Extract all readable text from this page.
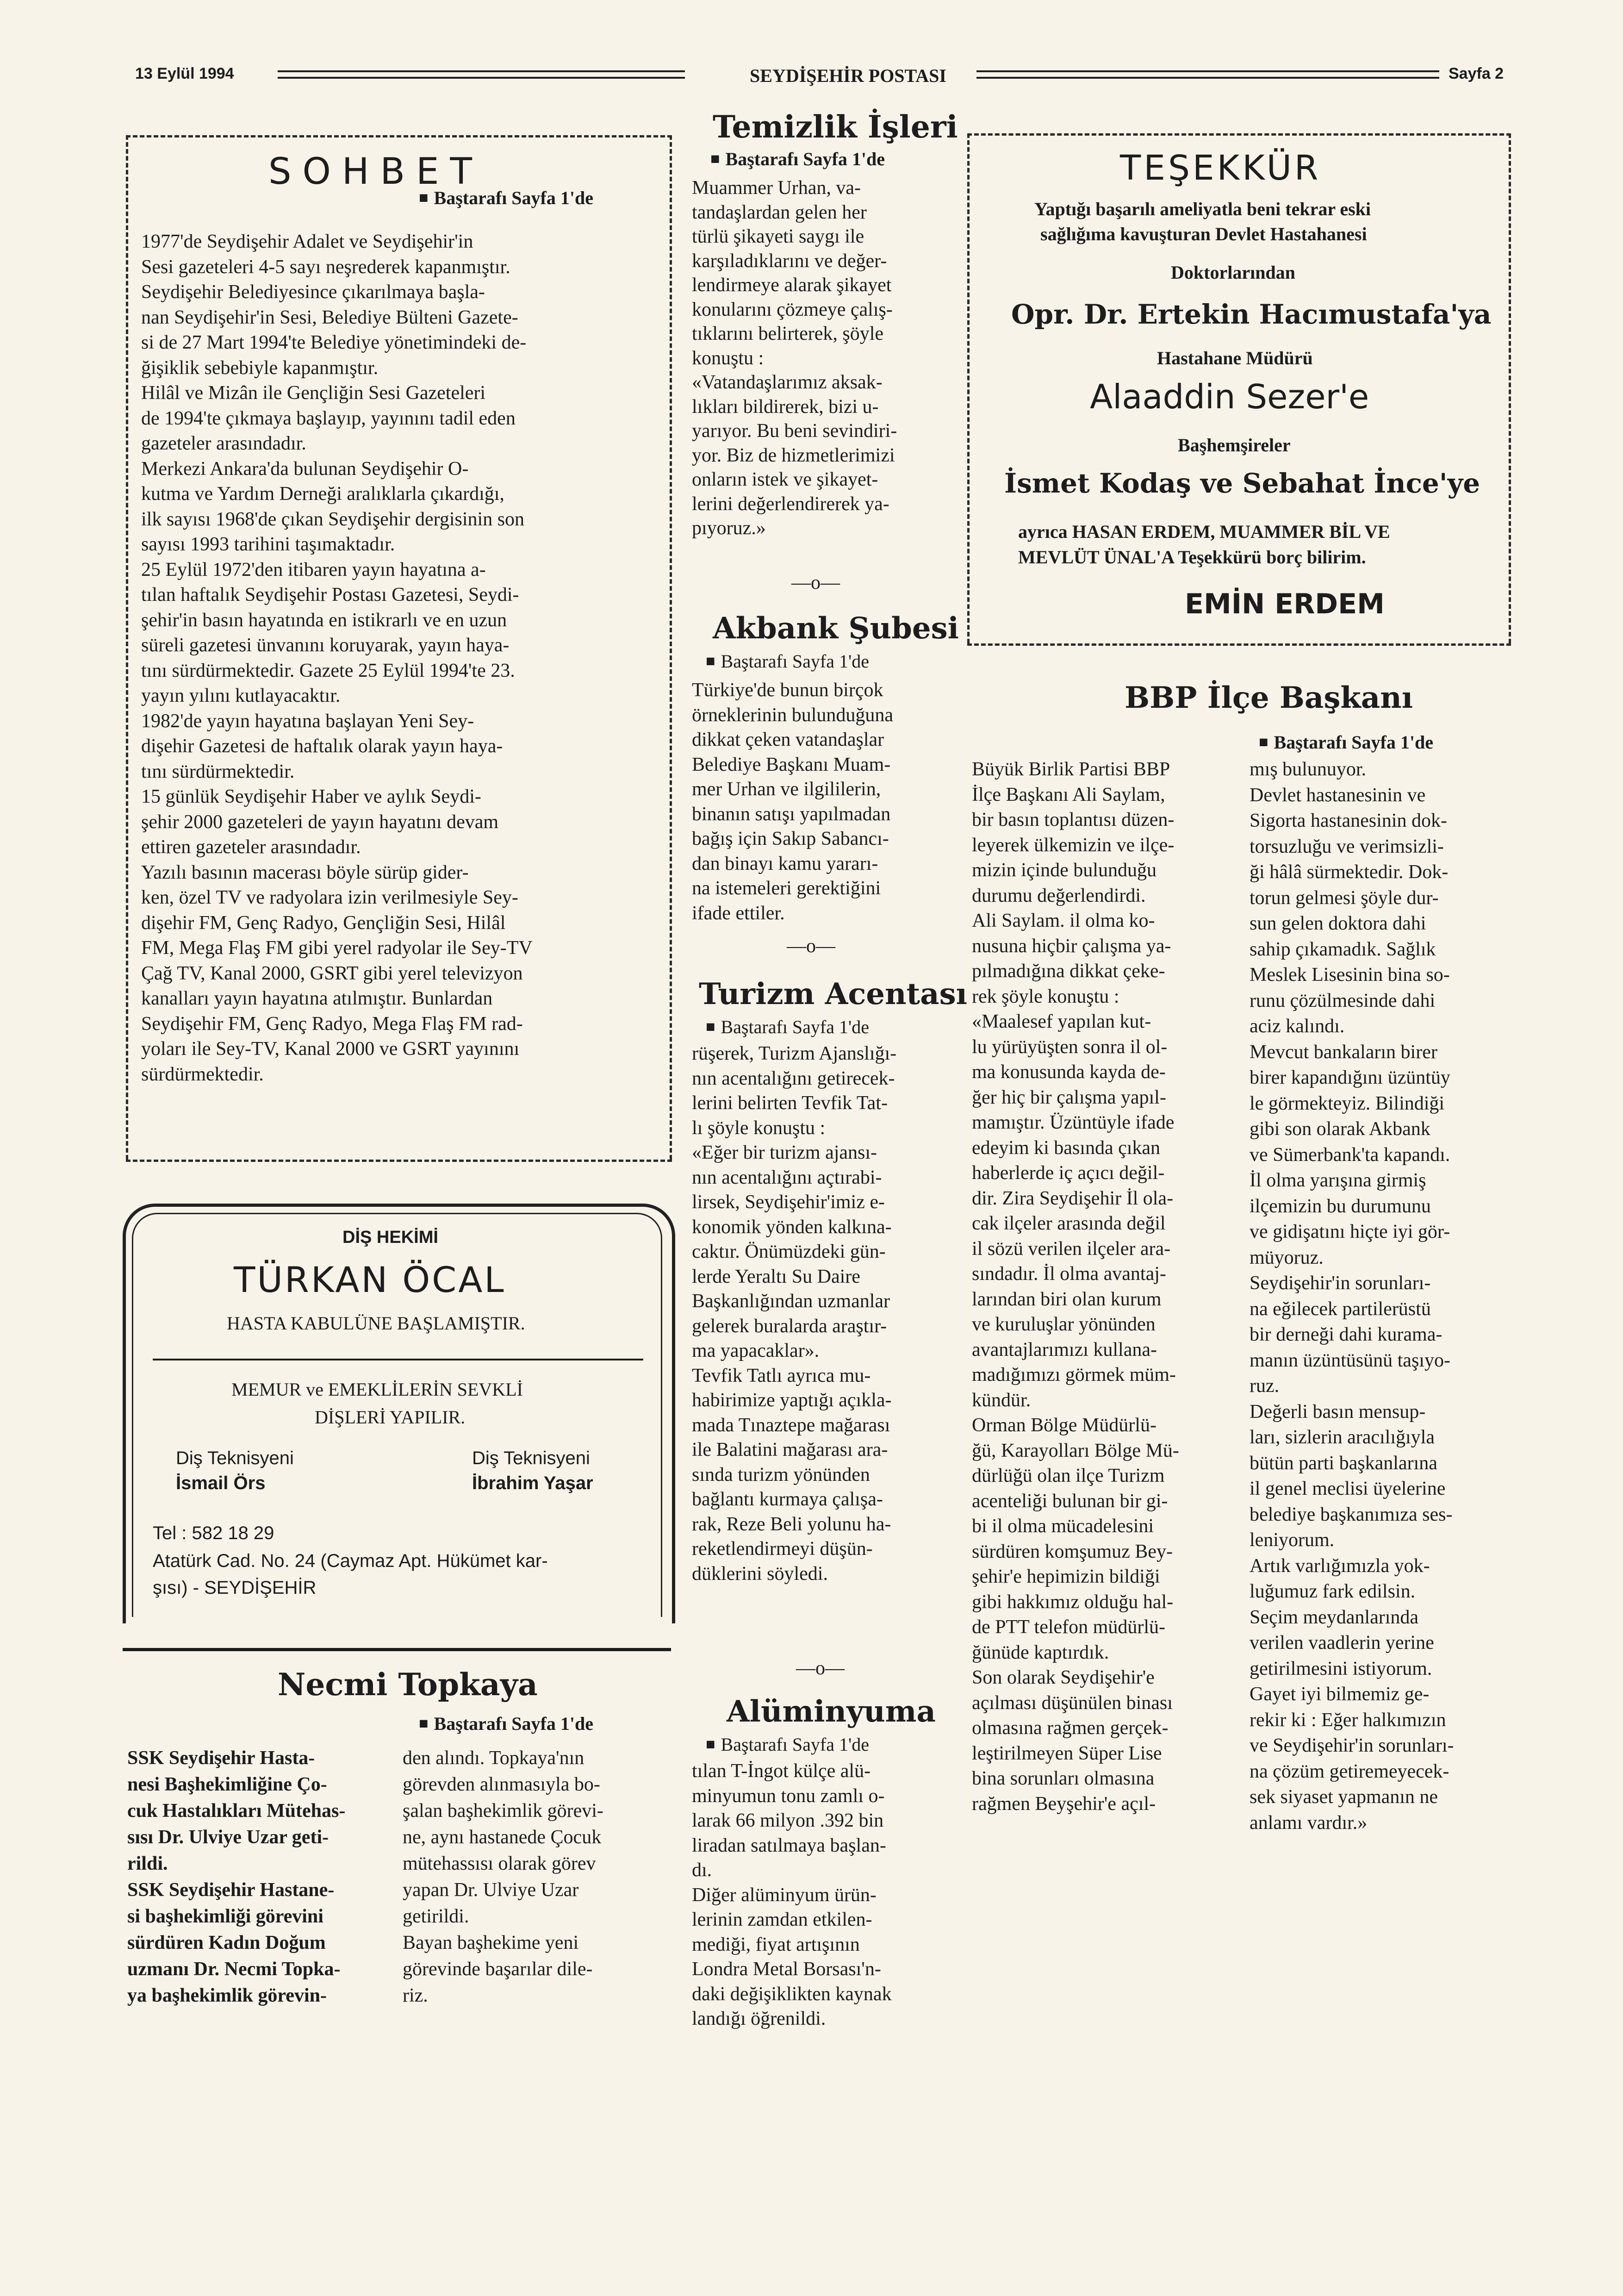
13 Eylül 1994	SEYDİŞEHİR POSTASI	Sayfa 2
SOHBET
■ Baştarafı Sayfa 1'de
1977'de Seydişehir Adalet ve Seydişehir'in
Sesi gazeteleri 4-5 sayı neşrederek kapanmıştır.
Seydişehir Belediyesince çıkarılmaya başla-
nan Seydişehir'in Sesi, Belediye Bülteni Gazete-
si de 27 Mart 1994'te Belediye yönetimindeki de-
ğişiklik sebebiyle kapanmıştır.
Hilâl ve Mizân ile Gençliğin Sesi Gazeteleri
de 1994'te çıkmaya başlayıp, yayınını tadil eden
gazeteler arasındadır.
Merkezi Ankara'da bulunan Seydişehir O-
kutma ve Yardım Derneği aralıklarla çıkardığı,
ilk sayısı 1968'de çıkan Seydişehir dergisinin son
sayısı 1993 tarihini taşımaktadır.
25 Eylül 1972'den itibaren yayın hayatına a-
tılan haftalık Seydişehir Postası Gazetesi, Seydi-
şehir'in basın hayatında en istikrarlı ve en uzun
süreli gazetesi ünvanını koruyarak, yayın haya-
tını sürdürmektedir. Gazete 25 Eylül 1994'te 23.
yayın yılını kutlayacaktır.
1982'de yayın hayatına başlayan Yeni Sey-
dişehir Gazetesi de haftalık olarak yayın haya-
tını sürdürmektedir.
15 günlük Seydişehir Haber ve aylık Seydi-
şehir 2000 gazeteleri de yayın hayatını devam
ettiren gazeteler arasındadır.
Yazılı basının macerası böyle sürüp gider-
ken, özel TV ve radyolara izin verilmesiyle Sey-
dişehir FM, Genç Radyo, Gençliğin Sesi, Hilâl
FM, Mega Flaş FM gibi yerel radyolar ile Sey-TV
Çağ TV, Kanal 2000, GSRT gibi yerel televizyon
kanalları yayın hayatına atılmıştır. Bunlardan
Seydişehir FM, Genç Radyo, Mega Flaş FM rad-
yoları ile Sey-TV, Kanal 2000 ve GSRT yayınını
sürdürmektedir.
DİŞ HEKİMİ
TÜRKAN ÖCAL
HASTA KABULÜNE BAŞLAMIŞTIR.
MEMUR ve EMEKLİLERİN SEVKLİ
DİŞLERİ YAPILIR.
Diş Teknisyeni
İsmail Örs
Diş Teknisyeni
İbrahim Yaşar
Tel : 582 18 29
Atatürk Cad. No. 24 (Caymaz Apt. Hükümet kar-
şısı) - SEYDİŞEHİR
Necmi Topkaya
■ Baştarafı Sayfa 1'de
SSK Seydişehir Hasta-
nesi Başhekimliğine Ço-
cuk Hastalıkları Mütehas-
sısı Dr. Ulviye Uzar geti-
rildi.
SSK Seydişehir Hastane-
si başhekimliği görevini
sürdüren Kadın Doğum
uzmanı Dr. Necmi Topka-
ya başhekimlik görevin-
den alındı. Topkaya'nın
görevden alınmasıyla bo-
şalan başhekimlik görevi-
ne, aynı hastanede Çocuk
mütehassısı olarak görev
yapan Dr. Ulviye Uzar
getirildi.
Bayan başhekime yeni
görevinde başarılar dile-
riz.
Temizlik İşleri
■ Baştarafı Sayfa 1'de
Muammer Urhan, va-
tandaşlardan gelen her
türlü şikayeti saygı ile
karşıladıklarını ve değer-
lendirmeye alarak şikayet
konularını çözmeye çalış-
tıklarını belirterek, şöyle
konuştu :
«Vatandaşlarımız aksak-
lıkları bildirerek, bizi u-
yarıyor. Bu beni sevindiri-
yor. Biz de hizmetlerimizi
onların istek ve şikayet-
lerini değerlendirerek ya-
pıyoruz.»
—o—
Akbank Şubesi
■ Baştarafı Sayfa 1'de
Türkiye'de bunun birçok
örneklerinin bulunduğuna
dikkat çeken vatandaşlar
Belediye Başkanı Muam-
mer Urhan ve ilgililerin,
binanın satışı yapılmadan
bağış için Sakıp Sabancı-
dan binayı kamu yararı-
na istemeleri gerektiğini
ifade ettiler.
—o—
Turizm Acentası
■ Baştarafı Sayfa 1'de
rüşerek, Turizm Ajanslığı-
nın acentalığını getirecek-
lerini belirten Tevfik Tat-
lı şöyle konuştu :
«Eğer bir turizm ajansı-
nın acentalığını açtırabi-
lirsek, Seydişehir'imiz e-
konomik yönden kalkına-
caktır. Önümüzdeki gün-
lerde Yeraltı Su Daire
Başkanlığından uzmanlar
gelerek buralarda araştır-
ma yapacaklar».
Tevfik Tatlı ayrıca mu-
habirimize yaptığı açıkla-
mada Tınaztepe mağarası
ile Balatini mağarası ara-
sında turizm yönünden
bağlantı kurmaya çalışa-
rak, Reze Beli yolunu ha-
reketlendirmeyi düşün-
düklerini söyledi.
—o—
Alüminyuma
■ Baştarafı Sayfa 1'de
tılan T-İngot külçe alü-
minyumun tonu zamlı o-
larak 66 milyon .392 bin
liradan satılmaya başlan-
dı.
Diğer alüminyum ürün-
lerinin zamdan etkilen-
mediği, fiyat artışının
Londra Metal Borsası'n-
daki değişiklikten kaynak
landığı öğrenildi.
TEŞEKKÜR
Yaptığı başarılı ameliyatla beni tekrar eski
sağlığıma kavuşturan Devlet Hastahanesi
Doktorlarından
Opr. Dr. Ertekin Hacımustafa'ya
Hastahane Müdürü
Alaaddin Sezer'e
Başhemşireler
İsmet Kodaş ve Sebahat İnce'ye
ayrıca HASAN ERDEM, MUAMMER BİL VE
MEVLÜT ÜNAL'A Teşekkürü borç bilirim.
EMİN ERDEM
BBP İlçe Başkanı
■ Baştarafı Sayfa 1'de
Büyük Birlik Partisi BBP
İlçe Başkanı Ali Saylam,
bir basın toplantısı düzen-
leyerek ülkemizin ve ilçe-
mizin içinde bulunduğu
durumu değerlendirdi.
Ali Saylam. il olma ko-
nusuna hiçbir çalışma ya-
pılmadığına dikkat çeke-
rek şöyle konuştu :
«Maalesef yapılan kut-
lu yürüyüşten sonra il ol-
ma konusunda kayda de-
ğer hiç bir çalışma yapıl-
mamıştır. Üzüntüyle ifade
edeyim ki basında çıkan
haberlerde iç açıcı değil-
dir. Zira Seydişehir İl ola-
cak ilçeler arasında değil
il sözü verilen ilçeler ara-
sındadır. İl olma avantaj-
larından biri olan kurum
ve kuruluşlar yönünden
avantajlarımızı kullana-
madığımızı görmek müm-
kündür.
Orman Bölge Müdürlü-
ğü, Karayolları Bölge Mü-
dürlüğü olan ilçe Turizm
acenteliği bulunan bir gi-
bi il olma mücadelesini
sürdüren komşumuz Bey-
şehir'e hepimizin bildiği
gibi hakkımız olduğu hal-
de PTT telefon müdürlü-
ğünüde kaptırdık.
Son olarak Seydişehir'e
açılması düşünülen binası
olmasına rağmen gerçek-
leştirilmeyen Süper Lise
bina sorunları olmasına
rağmen Beyşehir'e açıl-
mış bulunuyor.
Devlet hastanesinin ve
Sigorta hastanesinin dok-
torsuzluğu ve verimsizli-
ği hâlâ sürmektedir. Dok-
torun gelmesi şöyle dur-
sun gelen doktora dahi
sahip çıkamadık. Sağlık
Meslek Lisesinin bina so-
runu çözülmesinde dahi
aciz kalındı.
Mevcut bankaların birer
birer kapandığını üzüntüy
le görmekteyiz. Bilindiği
gibi son olarak Akbank
ve Sümerbank'ta kapandı.
İl olma yarışına girmiş
ilçemizin bu durumunu
ve gidişatını hiçte iyi gör-
müyoruz.
Seydişehir'in sorunları-
na eğilecek partilerüstü
bir derneği dahi kurama-
manın üzüntüsünü taşıyo-
ruz.
Değerli basın mensup-
ları, sizlerin aracılığıyla
bütün parti başkanlarına
il genel meclisi üyelerine
belediye başkanımıza ses-
leniyorum.
Artık varlığımızla yok-
luğumuz fark edilsin.
Seçim meydanlarında
verilen vaadlerin yerine
getirilmesini istiyorum.
Gayet iyi bilmemiz ge-
rekir ki : Eğer halkımızın
ve Seydişehir'in sorunları-
na çözüm getiremeyecek-
sek siyaset yapmanın ne
anlamı vardır.»
